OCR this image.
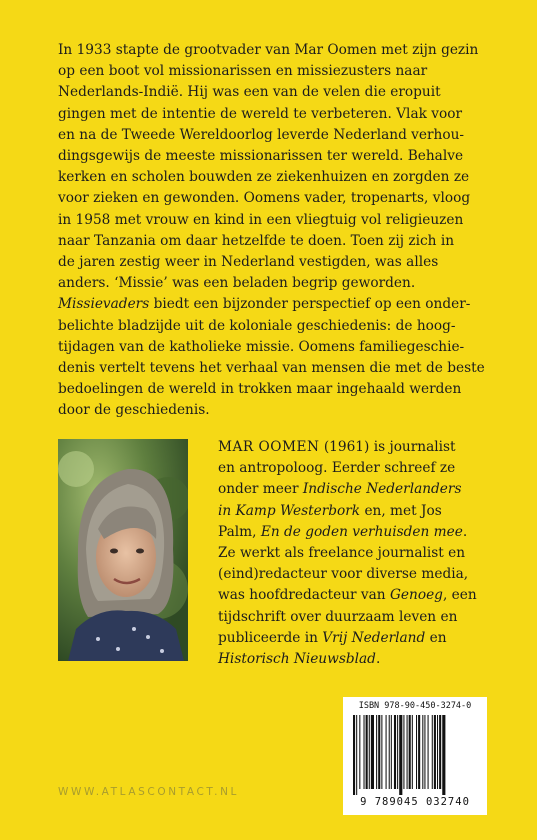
In 1933 stapte de grootvader van Mar Oomen met zijn gezin

op een boot vol missionarissen en missiezusters naar

Nederlands-Indië. Hij was een van de velen die eropuit

gingen met de intentie de wereld te verbeteren. Vlak voor

en na de Tweede Wereldoorlog leverde Nederland verhou-

dingsgewijs de meeste missionarissen ter wereld. Behalve

kerken en scholen bouwden ze ziekenhuizen en zorgden ze

voor zieken en gewonden. Oomens vader, tropenarts, vloog

in 1958 met vrouw en kind in een vliegtuig vol religieuzen

naar Tanzania om daar hetzelfde te doen. Toen zij zich in

de jaren zestig weer in Nederland vestigden, was alles

anders. ‘Missie’ was een beladen begrip geworden.

Missievaders biedt een bijzonder perspectief op een onder-

belichte bladzijde uit de koloniale geschiedenis: de hoog-

tijdagen van de katholieke missie. Oomens familiegeschie-

denis vertelt tevens het verhaal van mensen die met de beste

bedoelingen de wereld in trokken maar ingehaald werden

door de geschiedenis.

MAR OOMEN (1961) is journalist

en antropoloog. Eerder schreef ze

onder meer Indische Nederlanders

in Kamp Westerbork en, met Jos

Palm, En de goden verhuisden mee.

Ze werkt als freelance journalist en

(eind)redacteur voor diverse media,

was hoofdredacteur van Genoeg, een

tijdschrift over duurzaam leven en

publiceerde in Vrij Nederland en

Historisch Nieuwsblad.

ISBN 978-90-450-3274-0
9 789045 032740
WWW.ATLASCONTACT.NL
